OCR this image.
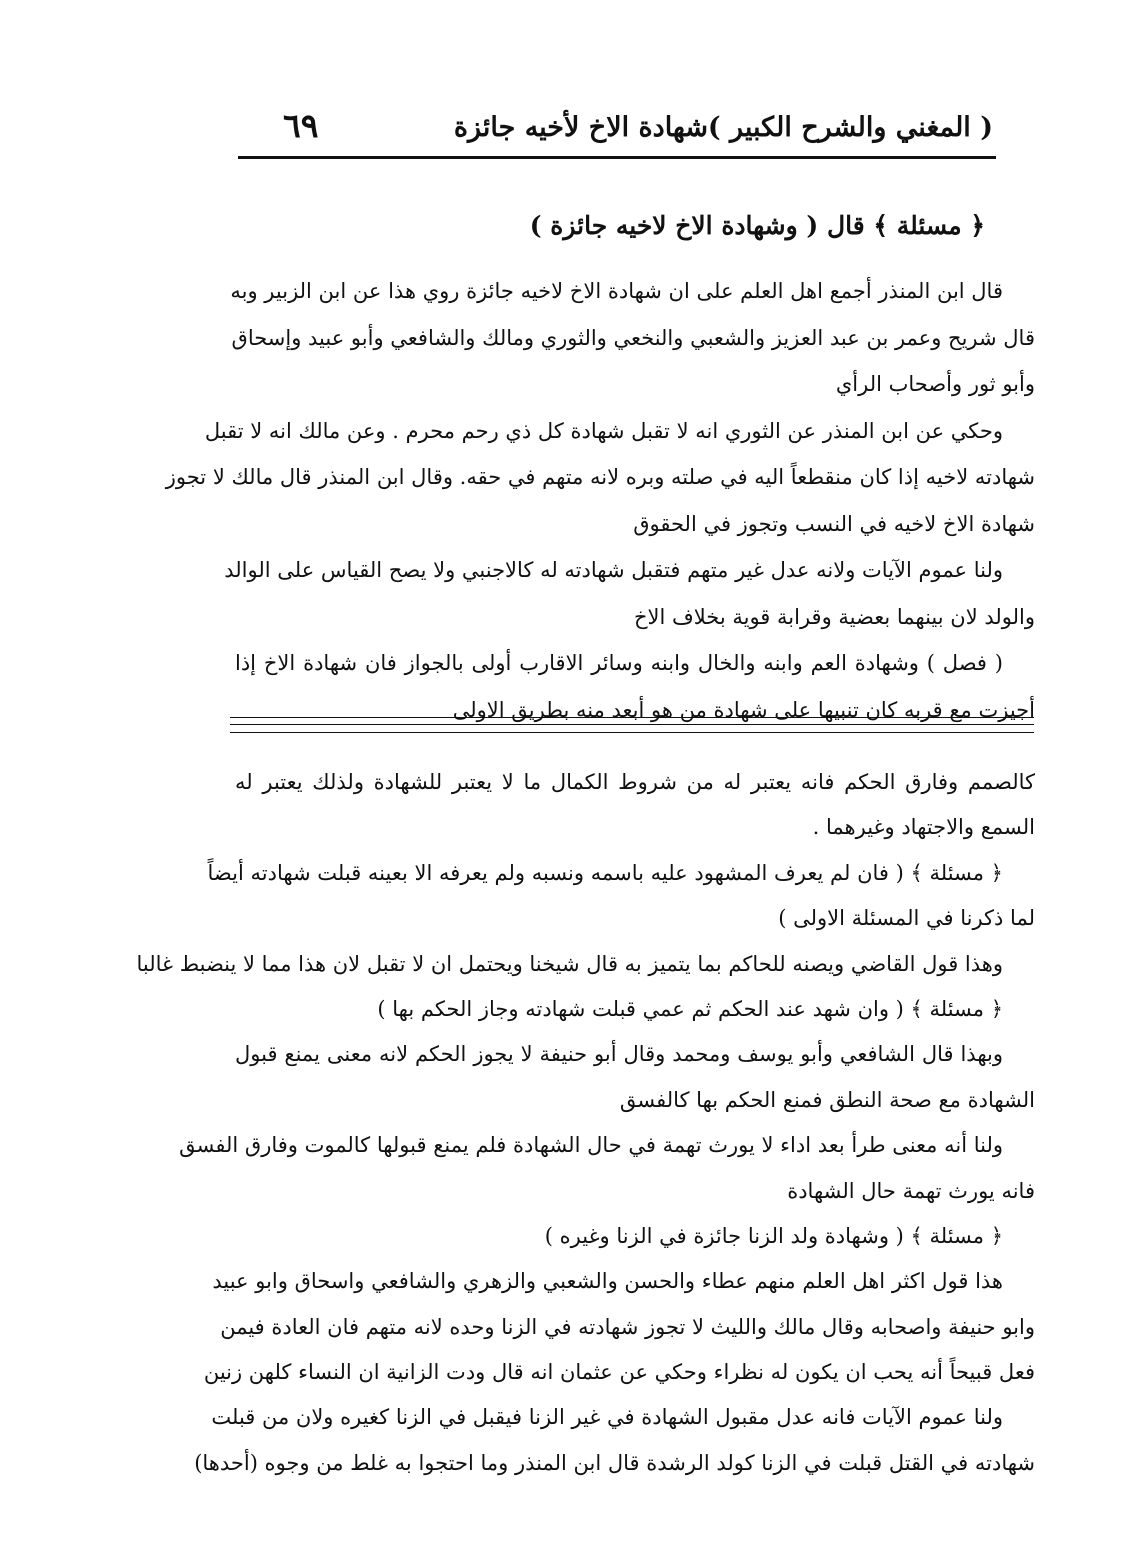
( المغني والشرح الكبير )
شهادة الاخ لأخيه جائزة
٦٩
﴿ مسئلة ﴾ قال ( وشهادة الاخ لاخيه جائزة )
قال ابن المنذر أجمع اهل العلم على ان شهادة الاخ لاخيه جائزة روي هذا عن ابن الزبير وبه
قال شريح وعمر بن عبد العزيز والشعبي والنخعي والثوري ومالك والشافعي وأبو عبيد وإسحاق
وأبو ثور وأصحاب الرأي
وحكي عن ابن المنذر عن الثوري انه لا تقبل شهادة كل ذي رحم محرم . وعن مالك انه لا تقبل
شهادته لاخيه إذا كان منقطعاً اليه في صلته وبره لانه متهم في حقه. وقال ابن المنذر قال مالك لا تجوز
شهادة الاخ لاخيه في النسب وتجوز في الحقوق
ولنا عموم الآيات ولانه عدل غير متهم فتقبل شهادته له كالاجنبي ولا يصح القياس على الوالد
والولد لان بينهما بعضية وقرابة قوية بخلاف الاخ
( فصل ) وشهادة العم وابنه والخال وابنه وسائر الاقارب أولى بالجواز فان شهادة الاخ إذا
أجيزت مع قربه كان تنبيها على شهادة من هو أبعد منه بطريق الاولى
كالصمم وفارق الحكم فانه يعتبر له من شروط الكمال ما لا يعتبر للشهادة ولذلك يعتبر له
السمع والاجتهاد وغيرهما .
﴿ مسئلة ﴾ ( فان لم يعرف المشهود عليه باسمه ونسبه ولم يعرفه الا بعينه قبلت شهادته أيضاً
لما ذكرنا في المسئلة الاولى )
وهذا قول القاضي ويصنه للحاكم بما يتميز به قال شيخنا ويحتمل ان لا تقبل لان هذا مما لا ينضبط غالبا
﴿ مسئلة ﴾ ( وان شهد عند الحكم ثم عمي قبلت شهادته وجاز الحكم بها )
وبهذا قال الشافعي وأبو يوسف ومحمد وقال أبو حنيفة لا يجوز الحكم لانه معنى يمنع قبول
الشهادة مع صحة النطق فمنع الحكم بها كالفسق
ولنا أنه معنى طرأ بعد اداء لا يورث تهمة في حال الشهادة فلم يمنع قبولها كالموت وفارق الفسق
فانه يورث تهمة حال الشهادة
﴿ مسئلة ﴾ ( وشهادة ولد الزنا جائزة في الزنا وغيره )
هذا قول اكثر اهل العلم منهم عطاء والحسن والشعبي والزهري والشافعي واسحاق وابو عبيد
وابو حنيفة واصحابه وقال مالك والليث لا تجوز شهادته في الزنا وحده لانه متهم فان العادة فيمن
فعل قبيحاً أنه يحب ان يكون له نظراء وحكي عن عثمان انه قال ودت الزانية ان النساء كلهن زنين
ولنا عموم الآيات فانه عدل مقبول الشهادة في غير الزنا فيقبل في الزنا كغيره ولان من قبلت
شهادته في القتل قبلت في الزنا كولد الرشدة قال ابن المنذر وما احتجوا به غلط من وجوه (أحدها)
